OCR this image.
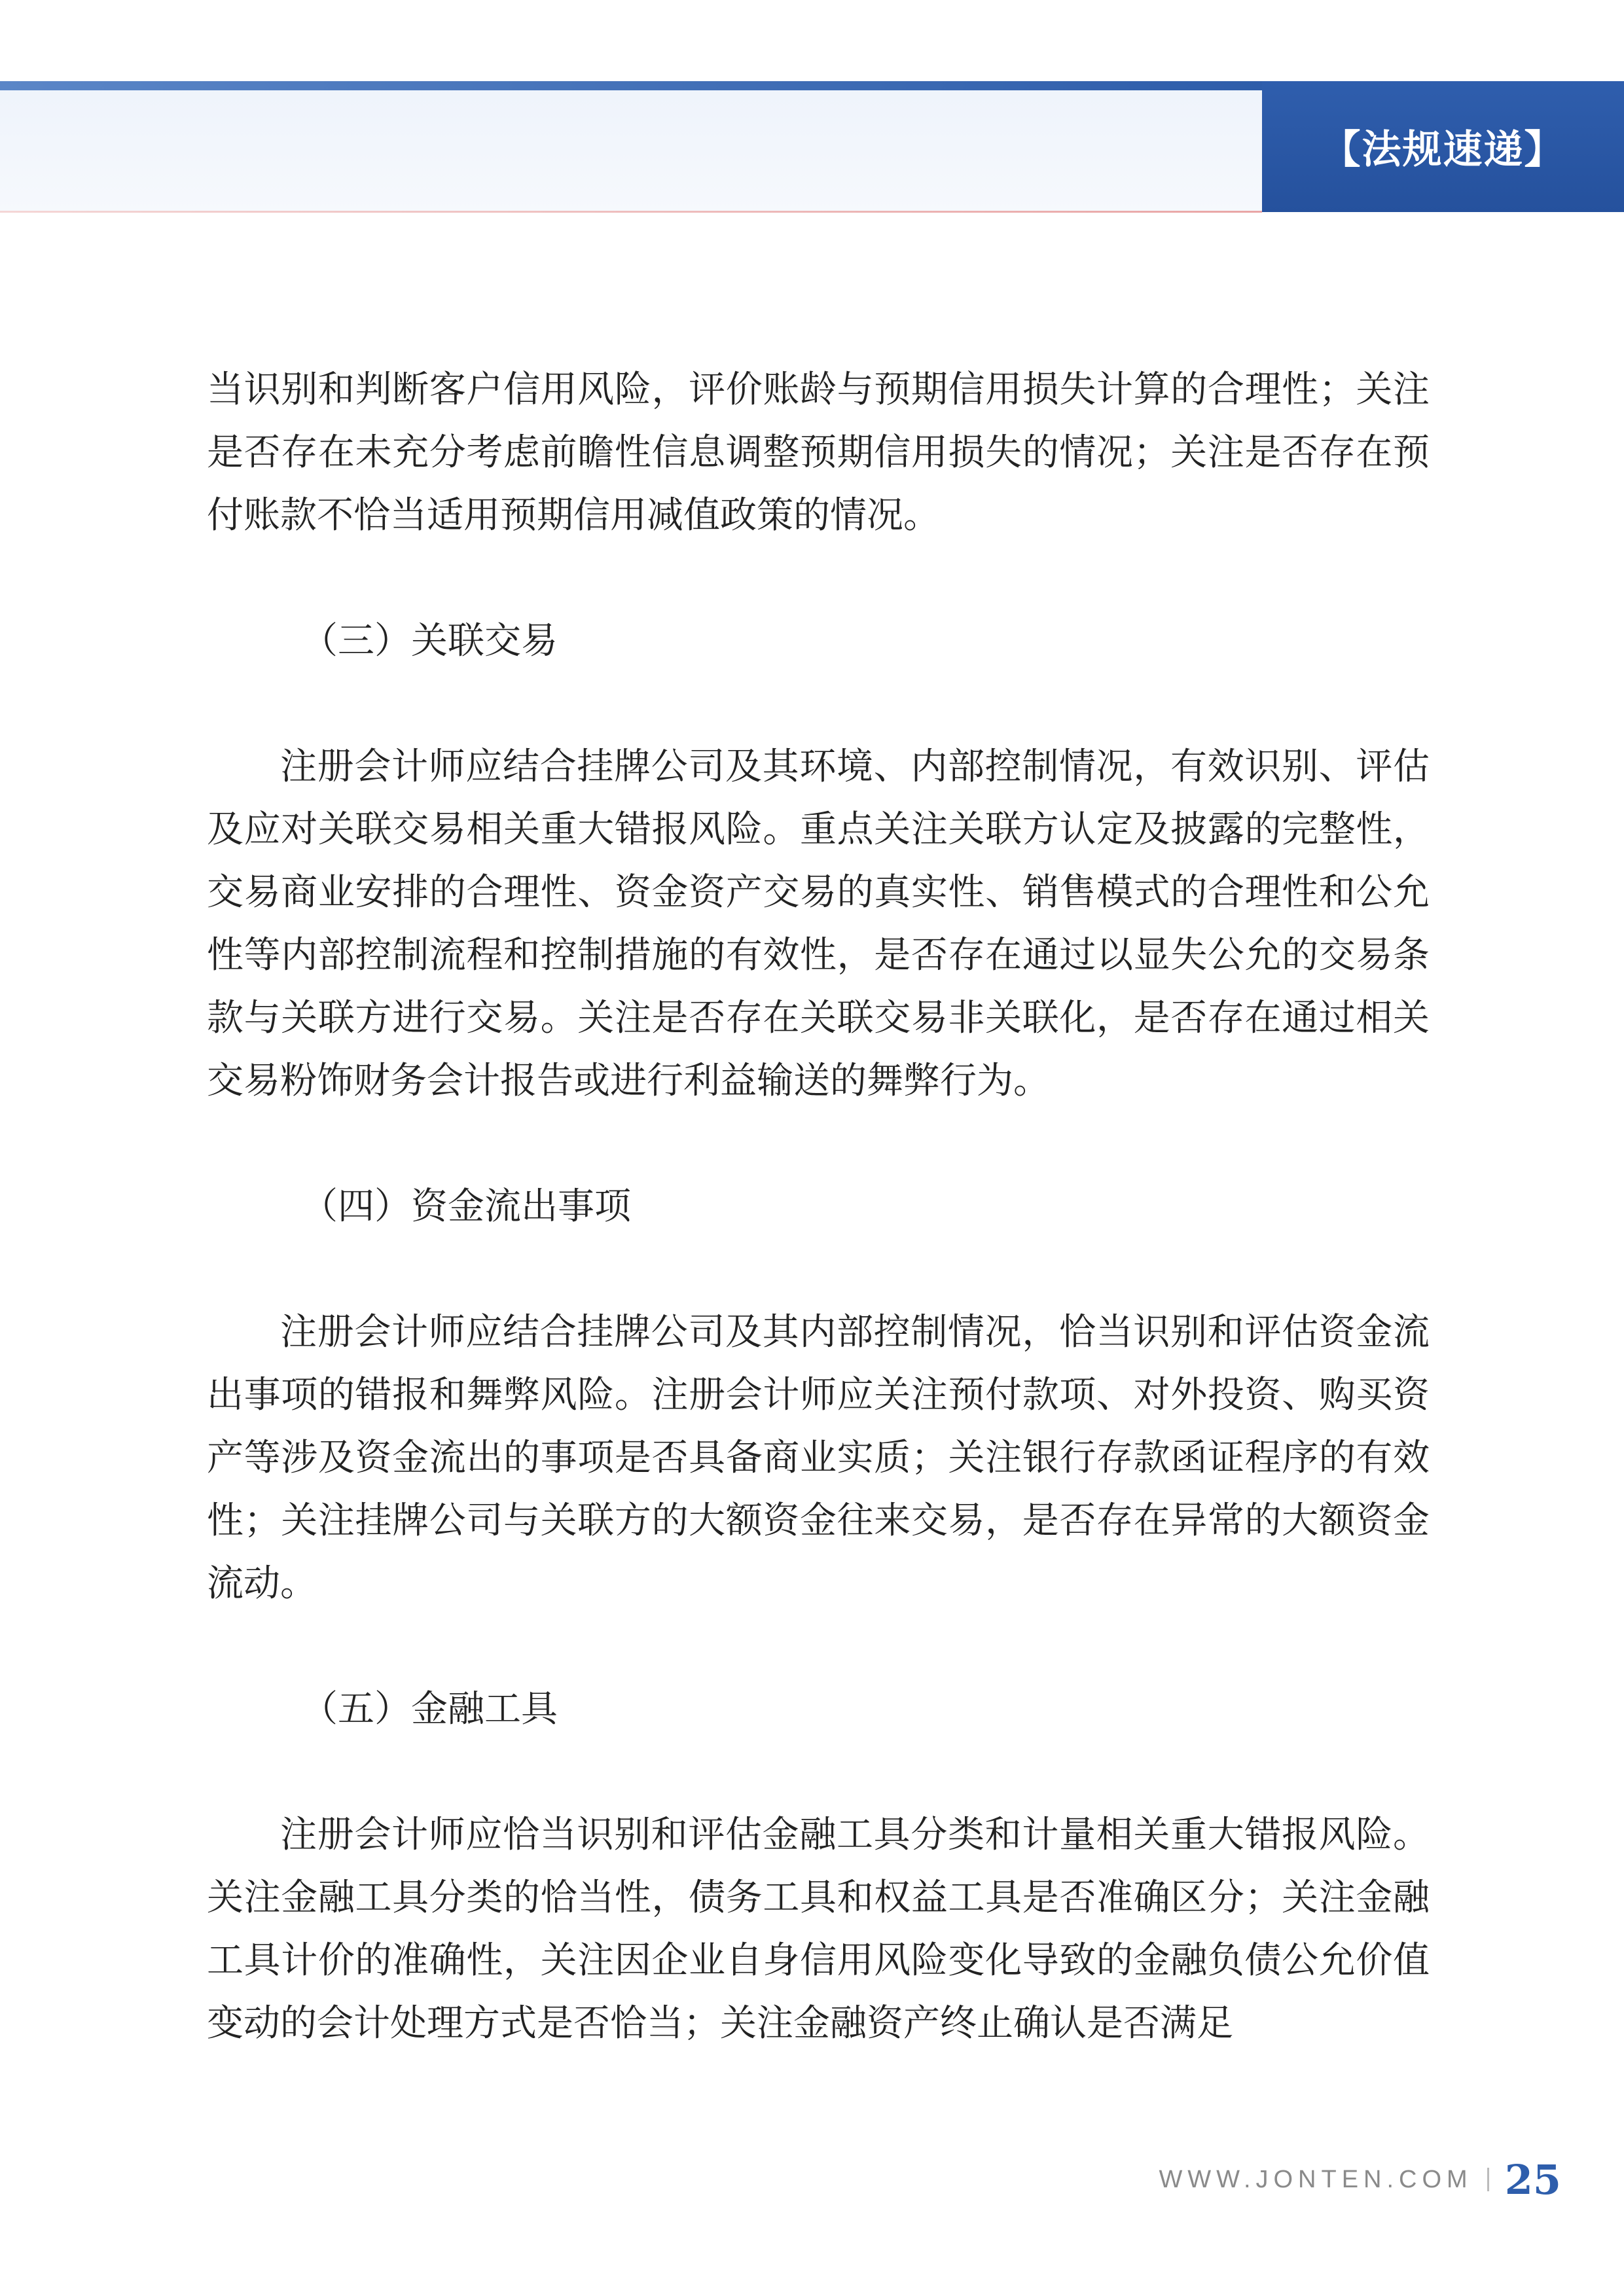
【法规速递】

当识别和判断客户信用风险，评价账龄与预期信用损失计算的合理性；关注是否存在未充分考虑前瞻性信息调整预期信用损失的情况；关注是否存在预付账款不恰当适用预期信用减值政策的情况。

（三）关联交易

注册会计师应结合挂牌公司及其环境、内部控制情况，有效识别、评估及应对关联交易相关重大错报风险。重点关注关联方认定及披露的完整性，交易商业安排的合理性、资金资产交易的真实性、销售模式的合理性和公允性等内部控制流程和控制措施的有效性，是否存在通过以显失公允的交易条款与关联方进行交易。关注是否存在关联交易非关联化，是否存在通过相关交易粉饰财务会计报告或进行利益输送的舞弊行为。

（四）资金流出事项

注册会计师应结合挂牌公司及其内部控制情况，恰当识别和评估资金流出事项的错报和舞弊风险。注册会计师应关注预付款项、对外投资、购买资产等涉及资金流出的事项是否具备商业实质；关注银行存款函证程序的有效性；关注挂牌公司与关联方的大额资金往来交易，是否存在异常的大额资金流动。

（五）金融工具

注册会计师应恰当识别和评估金融工具分类和计量相关重大错报风险。关注金融工具分类的恰当性，债务工具和权益工具是否准确区分；关注金融工具计价的准确性，关注因企业自身信用风险变化导致的金融负债公允价值变动的会计处理方式是否恰当；关注金融资产终止确认是否满足

WWW.JONTEN.COM 25
